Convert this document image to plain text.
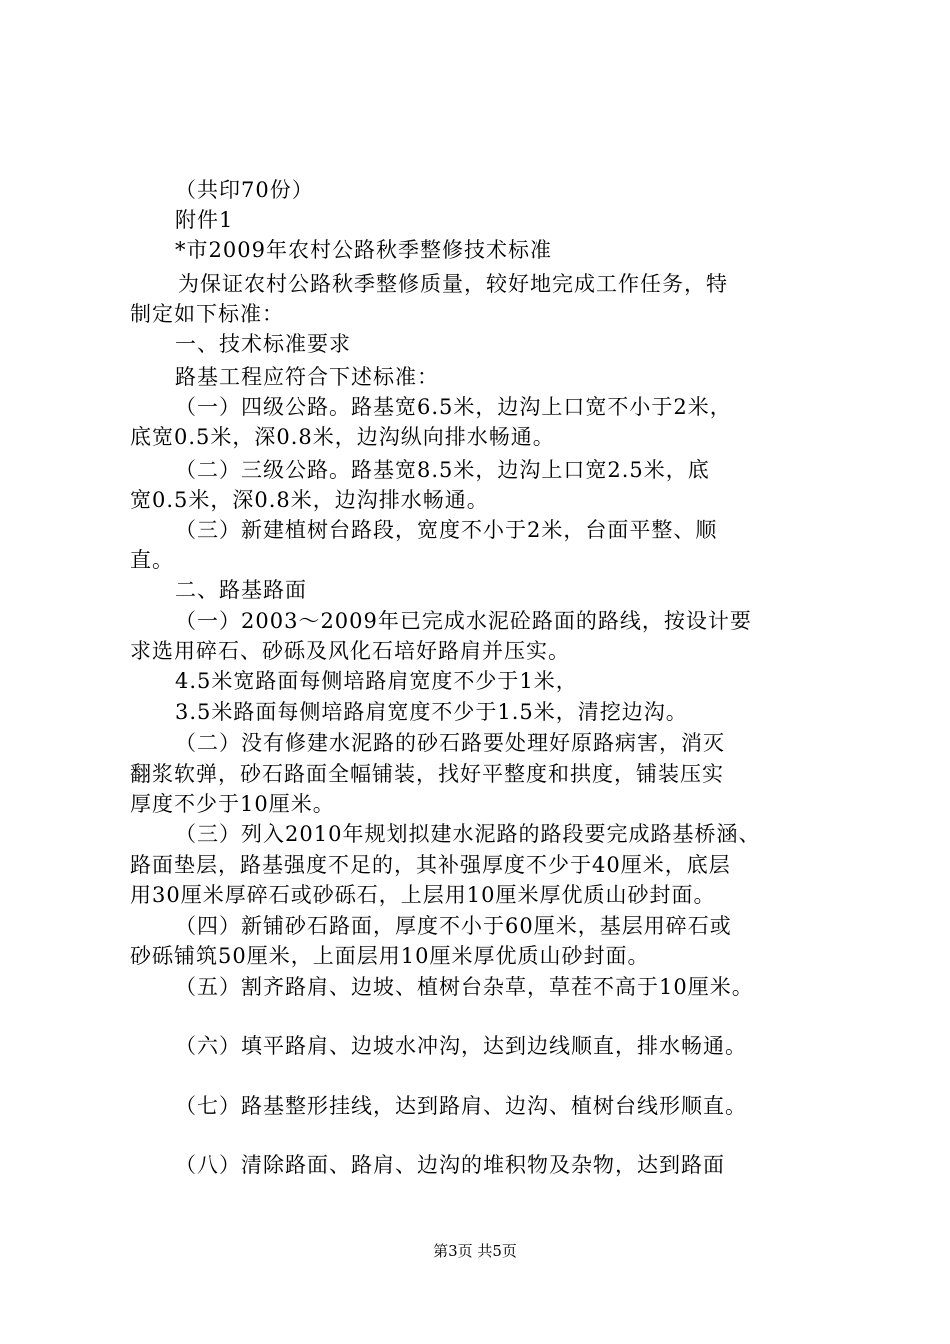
（共印70份）
附件1
*市2009年农村公路秋季整修技术标准
为保证农村公路秋季整修质量，较好地完成工作任务，特
制定如下标准：
一、技术标准要求
路基工程应符合下述标准：
（一）四级公路。路基宽6.5米，边沟上口宽不小于2米，
底宽0.5米，深0.8米，边沟纵向排水畅通。
（二）三级公路。路基宽8.5米，边沟上口宽2.5米，底
宽0.5米，深0.8米，边沟排水畅通。
（三）新建植树台路段，宽度不小于2米，台面平整、顺
直。
二、路基路面
（一）2003～2009年已完成水泥砼路面的路线，按设计要
求选用碎石、砂砾及风化石培好路肩并压实。
4.5米宽路面每侧培路肩宽度不少于1米，
3.5米路面每侧培路肩宽度不少于1.5米，清挖边沟。
（二）没有修建水泥路的砂石路要处理好原路病害，消灭
翻浆软弹，砂石路面全幅铺装，找好平整度和拱度，铺装压实
厚度不少于10厘米。
（三）列入2010年规划拟建水泥路的路段要完成路基桥涵、
路面垫层，路基强度不足的，其补强厚度不少于40厘米，底层
用30厘米厚碎石或砂砾石，上层用10厘米厚优质山砂封面。
（四）新铺砂石路面，厚度不小于60厘米，基层用碎石或
砂砾铺筑50厘米，上面层用10厘米厚优质山砂封面。
（五）割齐路肩、边坡、植树台杂草，草茬不高于10厘米。
（六）填平路肩、边坡水冲沟，达到边线顺直，排水畅通。
（七）路基整形挂线，达到路肩、边沟、植树台线形顺直。
（八）清除路面、路肩、边沟的堆积物及杂物，达到路面
第3页 共5页
